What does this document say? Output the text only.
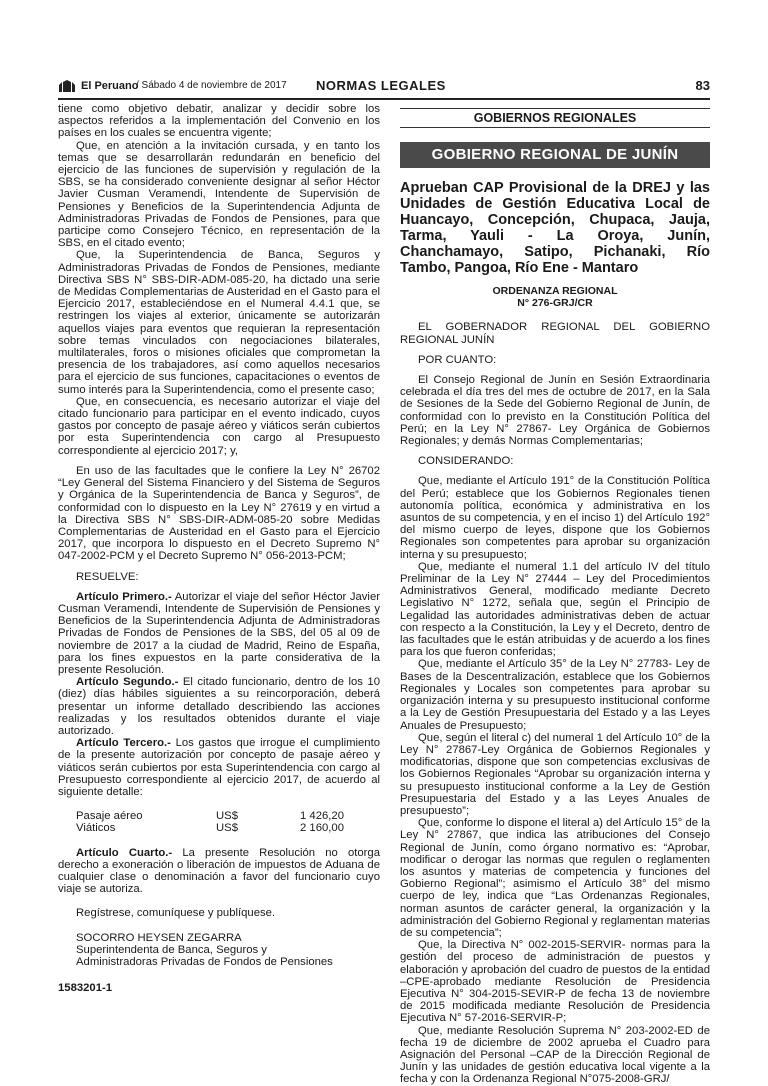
El Peruano
/ Sábado 4 de noviembre de 2017 NORMAS LEGALES	83

tiene como objetivo debatir, analizar y decidir sobre los aspectos referidos a la implementación del Convenio en los países en los cuales se encuentra vigente;

Que, en atención a la invitación cursada, y en tanto los temas que se desarrollarán redundarán en beneficio del ejercicio de las funciones de supervisión y regulación de la SBS, se ha considerado conveniente designar al señor Héctor Javier Cusman Veramendi, Intendente de Supervisión de Pensiones y Beneficios de la Superintendencia Adjunta de Administradoras Privadas de Fondos de Pensiones, para que participe como Consejero Técnico, en representación de la SBS, en el citado evento;

Que, la Superintendencia de Banca, Seguros y Administradoras Privadas de Fondos de Pensiones, mediante Directiva SBS N° SBS-DIR-ADM-085-20, ha dictado una serie de Medidas Complementarias de Austeridad en el Gasto para el Ejercicio 2017, estableciéndose en el Numeral 4.4.1 que, se restringen los viajes al exterior, únicamente se autorizarán aquellos viajes para eventos que requieran la representación sobre temas vinculados con negociaciones bilaterales, multilaterales, foros o misiones oficiales que comprometan la presencia de los trabajadores, así como aquellos necesarios para el ejercicio de sus funciones, capacitaciones o eventos de sumo interés para la Superintendencia, como el presente caso;

Que, en consecuencia, es necesario autorizar el viaje del citado funcionario para participar en el evento indicado, cuyos gastos por concepto de pasaje aéreo y viáticos serán cubiertos por esta Superintendencia con cargo al Presupuesto correspondiente al ejercicio 2017; y,

En uso de las facultades que le confiere la Ley N° 26702 “Ley General del Sistema Financiero y del Sistema de Seguros y Orgánica de la Superintendencia de Banca y Seguros”, de conformidad con lo dispuesto en la Ley N° 27619 y en virtud a la Directiva SBS N° SBS-DIR-ADM-085-20 sobre Medidas Complementarias de Austeridad en el Gasto para el Ejercicio 2017, que incorpora lo dispuesto en el Decreto Supremo N° 047-2002-PCM y el Decreto Supremo N° 056-2013-PCM;

RESUELVE:

Artículo Primero.- Autorizar el viaje del señor Héctor Javier Cusman Veramendi, Intendente de Supervisión de Pensiones y Beneficios de la Superintendencia Adjunta de Administradoras Privadas de Fondos de Pensiones de la SBS, del 05 al 09 de noviembre de 2017 a la ciudad de Madrid, Reino de España, para los fines expuestos en la parte considerativa de la presente Resolución.

Artículo Segundo.- El citado funcionario, dentro de los 10 (diez) días hábiles siguientes a su reincorporación, deberá presentar un informe detallado describiendo las acciones realizadas y los resultados obtenidos durante el viaje autorizado.

Artículo Tercero.- Los gastos que irrogue el cumplimiento de la presente autorización por concepto de pasaje aéreo y viáticos serán cubiertos por esta Superintendencia con cargo al Presupuesto correspondiente al ejercicio 2017, de acuerdo al siguiente detalle:

Pasaje aéreo	US$	1 426,20
Viáticos	US$	2 160,00

Artículo Cuarto.- La presente Resolución no otorga derecho a exoneración o liberación de impuestos de Aduana de cualquier clase o denominación a favor del funcionario cuyo viaje se autoriza.

Regístrese, comuníquese y publíquese.

SOCORRO HEYSEN ZEGARRA

Superintendenta de Banca, Seguros y

Administradoras Privadas de Fondos de Pensiones

1583201-1

GOBIERNOS REGIONALES
GOBIERNO REGIONAL DE JUNÍN

Aprueban CAP Provisional de la DREJ y las Unidades de Gestión Educativa Local de Huancayo, Concepción, Chupaca, Jauja, Tarma, Yauli - La Oroya, Junín, Chanchamayo, Satipo, Pichanaki, Río Tambo, Pangoa, Río Ene - Mantaro

ORDENANZA REGIONAL
N° 276-GRJ/CR

EL GOBERNADOR REGIONAL DEL GOBIERNO REGIONAL JUNÍN

POR CUANTO:

El Consejo Regional de Junín en Sesión Extraordinaria celebrada el día tres del mes de octubre de 2017, en la Sala de Sesiones de la Sede del Gobierno Regional de Junín, de conformidad con lo previsto en la Constitución Política del Perú; en la Ley N° 27867- Ley Orgánica de Gobiernos Regionales; y demás Normas Complementarias;

CONSIDERANDO:

Que, mediante el Artículo 191° de la Constitución Política del Perú; establece que los Gobiernos Regionales tienen autonomía política, económica y administrativa en los asuntos de su competencia, y en el inciso 1) del Artículo 192° del mismo cuerpo de leyes, dispone que los Gobiernos Regionales son competentes para aprobar su organización interna y su presupuesto;

Que, mediante el numeral 1.1 del artículo IV del título Preliminar de la Ley N° 27444 – Ley del Procedimientos Administrativos General, modificado mediante Decreto Legislativo N° 1272, señala que, según el Principio de Legalidad las autoridades administrativas deben de actuar con respecto a la Constitución, la Ley y el Decreto, dentro de las facultades que le están atribuidas y de acuerdo a los fines para los que fueron conferidas;

Que, mediante el Artículo 35° de la Ley N° 27783- Ley de Bases de la Descentralización, establece que los Gobiernos Regionales y Locales son competentes para aprobar su organización interna y su presupuesto institucional conforme a la Ley de Gestión Presupuestaria del Estado y a las Leyes Anuales de Presupuesto;

Que, según el literal c) del numeral 1 del Artículo 10° de la Ley N° 27867-Ley Orgánica de Gobiernos Regionales y modificatorias, dispone que son competencias exclusivas de los Gobiernos Regionales “Aprobar su organización interna y su presupuesto institucional conforme a la Ley de Gestión Presupuestaria del Estado y a las Leyes Anuales de presupuesto”;

Que, conforme lo dispone el literal a) del Artículo 15° de la Ley N° 27867, que indica las atribuciones del Consejo Regional de Junín, como órgano normativo es: “Aprobar, modificar o derogar las normas que regulen o reglamenten los asuntos y materias de competencia y funciones del Gobierno Regional”; asimismo el Artículo 38° del mismo cuerpo de ley, indica que “Las Ordenanzas Regionales, norman asuntos de carácter general, la organización y la administración del Gobierno Regional y reglamentan materias de su competencia”;

Que, la Directiva N° 002-2015-SERVIR- normas para la gestión del proceso de administración de puestos y elaboración y aprobación del cuadro de puestos de la entidad –CPE-aprobado mediante Resolución de Presidencia Ejecutiva N° 304-2015-SEVIR-P de fecha 13 de noviembre de 2015 modificada mediante Resolución de Presidencia Ejecutiva N° 57-2016-SERVIR-P;

Que, mediante Resolución Suprema N° 203-2002-ED de fecha 19 de diciembre de 2002 aprueba el Cuadro para Asignación del Personal –CAP de la Dirección Regional de Junín y las unidades de gestión educativa local vigente a la fecha y con la Ordenanza Regional N°075-2008-GRJ/
